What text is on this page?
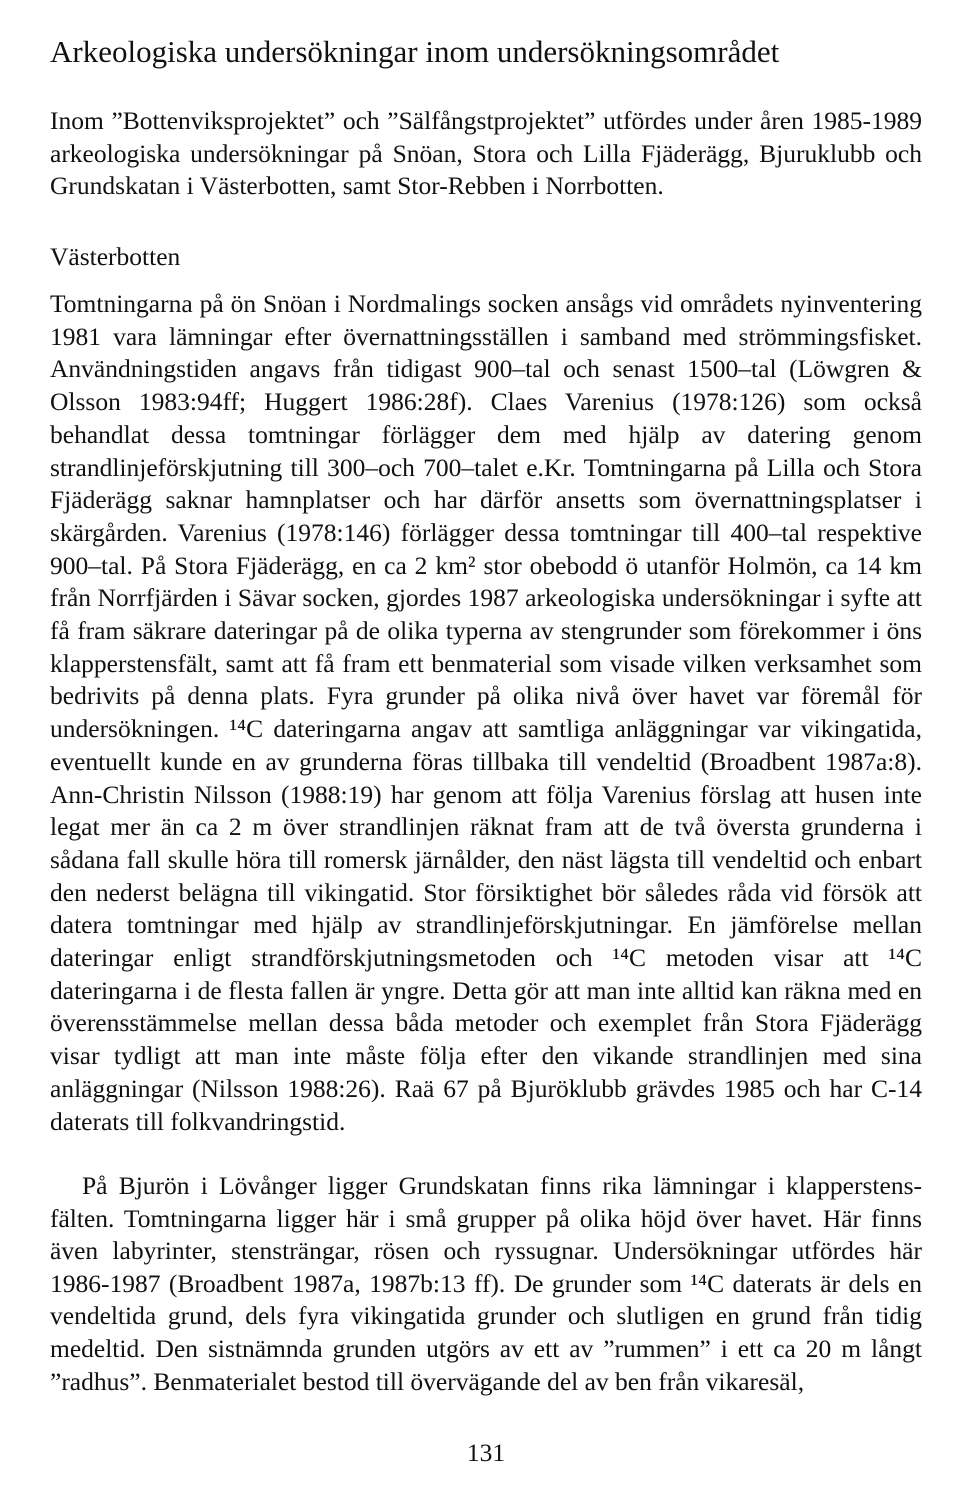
Arkeologiska undersökningar inom undersökningsområdet

Inom ”Bottenviksprojektet” och ”Sälfångstprojektet” utfördes under åren 1985-1989 arkeologiska undersökningar på Snöan, Stora och Lilla Fjäderägg, Bjuruklubb och Grundskatan i Västerbotten, samt Stor-Rebben i Norrbotten.

Västerbotten

Tomtningarna på ön Snöan i Nordmalings socken ansågs vid områdets nyinventering 1981 vara lämningar efter övernattningsställen i samband med strömmingsfisket. Användningstiden angavs från tidigast 900–tal och senast 1500–tal (Löwgren & Olsson 1983:94ff; Huggert 1986:28f). Claes Varenius (1978:126) som också behandlat dessa tomtningar förlägger dem med hjälp av datering genom strandlinjeförskjutning till 300–och 700–talet e.Kr. Tomtningarna på Lilla och Stora Fjäderägg saknar hamnplatser och har därför ansetts som övernattningsplatser i skärgården. Varenius (1978:146) förlägger dessa tomtningar till 400–tal respektive 900–tal. På Stora Fjäderägg, en ca 2 km² stor obebodd ö utanför Holmön, ca 14 km från Norrfjärden i Sävar socken, gjordes 1987 arkeologiska undersökningar i syfte att få fram säkrare dateringar på de olika typerna av stengrunder som förekommer i öns klapperstensfält, samt att få fram ett benmaterial som visade vilken verksamhet som bedrivits på denna plats. Fyra grunder på olika nivå över havet var föremål för undersökningen. ¹⁴C dateringarna angav att samtliga anläggningar var vikingatida, eventuellt kunde en av grunderna föras tillbaka till vendeltid (Broadbent 1987a:8). Ann-Christin Nilsson (1988:19) har genom att följa Varenius förslag att husen inte legat mer än ca 2 m över strandlinjen räknat fram att de två översta grunderna i sådana fall skulle höra till romersk järnålder, den näst lägsta till vendeltid och enbart den nederst belägna till vikingatid. Stor försiktighet bör således råda vid försök att datera tomtningar med hjälp av strandlinjeförskjutningar. En jämförelse mellan dateringar enligt strandförskjutningsmetoden och ¹⁴C metoden visar att ¹⁴C dateringarna i de flesta fallen är yngre. Detta gör att man inte alltid kan räkna med en överensstämmelse mellan dessa båda metoder och exemplet från Stora Fjäderägg visar tydligt att man inte måste följa efter den vikande strandlinjen med sina anläggningar (Nilsson 1988:26). Raä 67 på Bjuröklubb grävdes 1985 och har C-14 daterats till folkvandringstid.

På Bjurön i Lövånger ligger Grundskatan finns rika lämningar i klapperstensfälten. Tomtningarna ligger här i små grupper på olika höjd över havet. Här finns även labyrinter, stensträngar, rösen och ryssugnar. Undersökningar utfördes här 1986-1987 (Broadbent 1987a, 1987b:13 ff). De grunder som ¹⁴C daterats är dels en vendeltida grund, dels fyra vikingatida grunder och slutligen en grund från tidig medeltid. Den sistnämnda grunden utgörs av ett av ”rummen” i ett ca 20 m långt ”radhus”. Benmaterialet bestod till övervägande del av ben från vikaresäl,

131
